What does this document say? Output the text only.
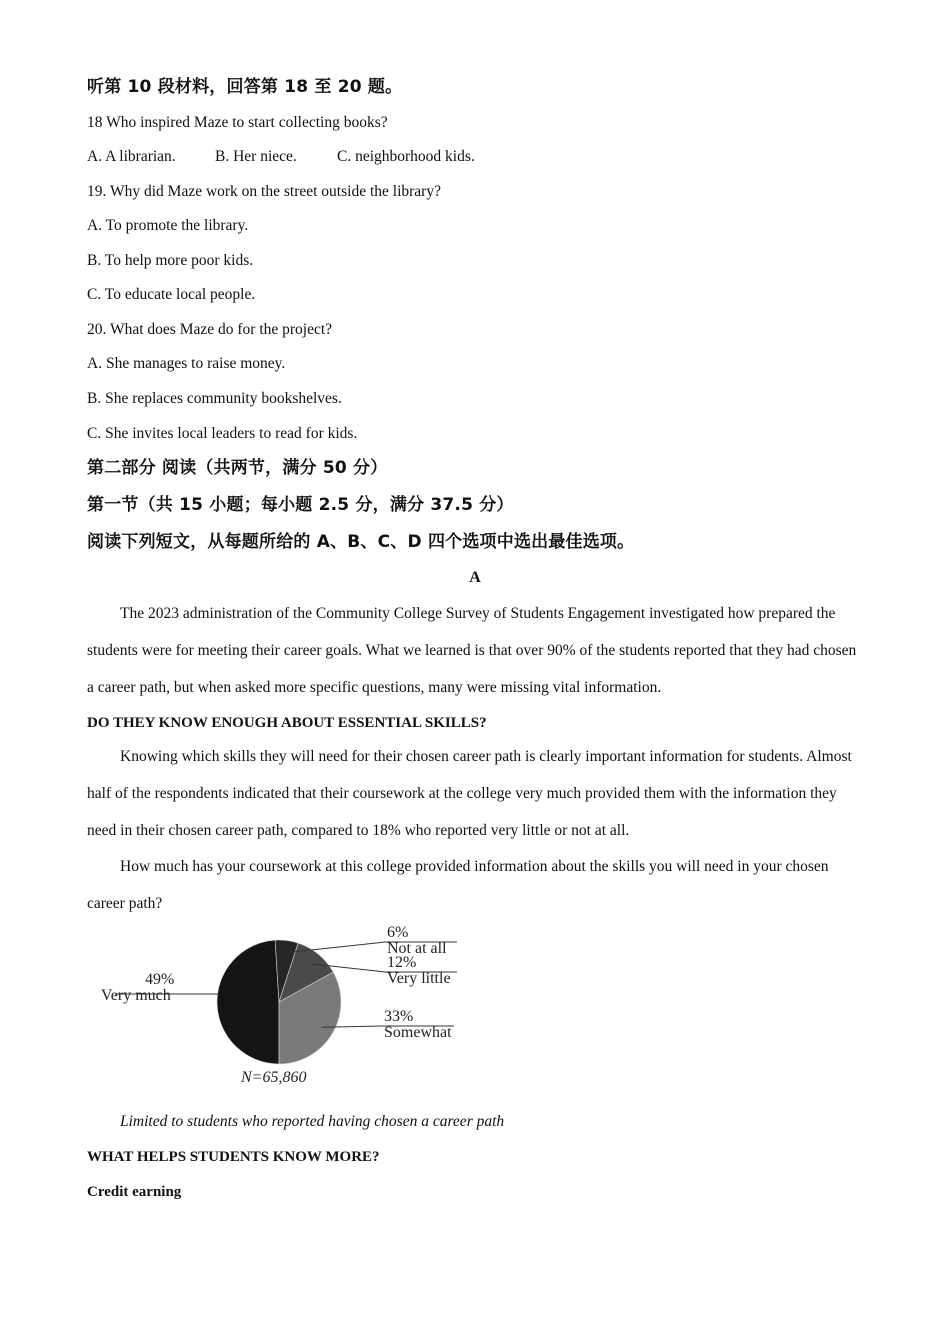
听第 10 段材料，回答第 18 至 20 题。
18 Who inspired Maze to start collecting books?
A. A librarian.	B. Her niece.	C. neighborhood kids.
19. Why did Maze work on the street outside the library?
A. To promote the library.
B. To help more poor kids.
C. To educate local people.
20. What does Maze do for the project?
A. She manages to raise money.
B. She replaces community bookshelves.
C. She invites local leaders to read for kids.
第二部分 阅读（共两节，满分 50 分）
第一节（共 15 小题；每小题 2.5 分，满分 37.5 分）
阅读下列短文，从每题所给的 A、B、C、D 四个选项中选出最佳选项。
A

The 2023 administration of the Community College Survey of Students Engagement investigated how prepared the students were for meeting their career goals. What we learned is that over 90% of the students reported that they had chosen a career path, but when asked more specific questions, many were missing vital information.

DO THEY KNOW ENOUGH ABOUT ESSENTIAL SKILLS?

Knowing which skills they will need for their chosen career path is clearly important information for students. Almost half of the respondents indicated that their coursework at the college very much provided them with the information they need in their chosen career path, compared to 18% who reported very little or not at all.

How much has your coursework at this college provided information about the skills you will need in your chosen career path?

49%
Very much
6%
Not at all
12%
Very little
33%
Somewhat
N=65,860
Limited to students who reported having chosen a career path
WHAT HELPS STUDENTS KNOW MORE?
Credit earning
